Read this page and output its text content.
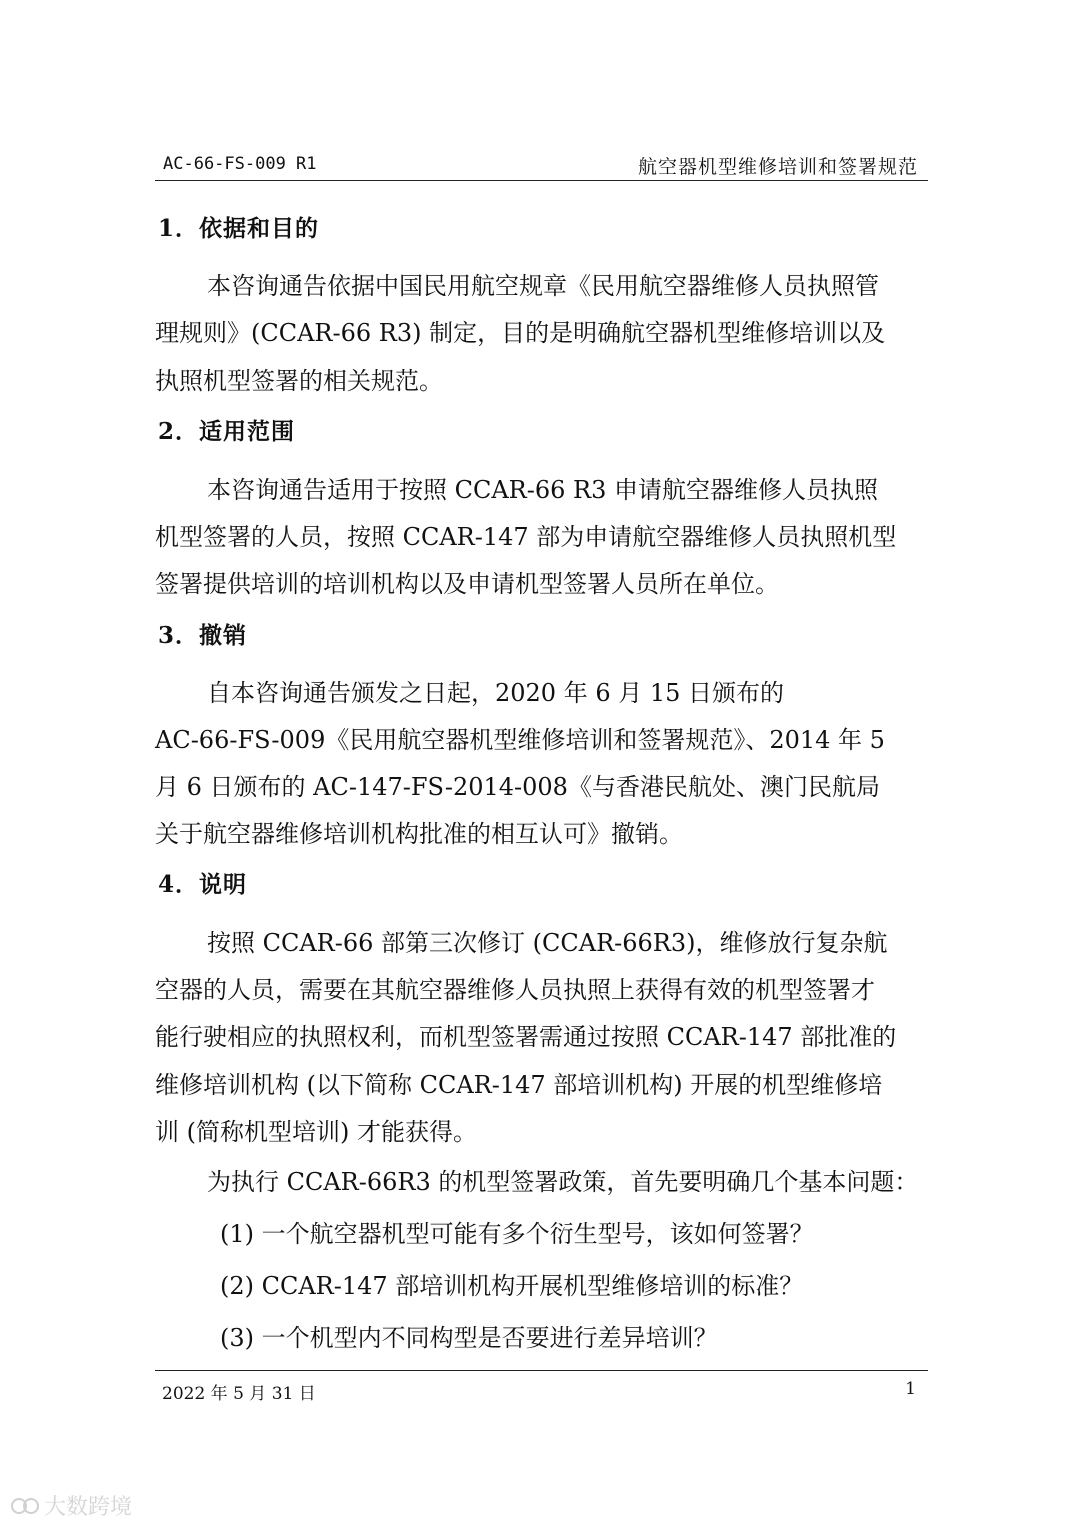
AC-66-FS-009 R1	航空器机型维修培训和签署规范
1．依据和目的
本咨询通告依据中国民用航空规章《民用航空器维修人员执照管
理规则》(CCAR-66 R3) 制定，目的是明确航空器机型维修培训以及
执照机型签署的相关规范。
2．适用范围
本咨询通告适用于按照 CCAR-66 R3 申请航空器维修人员执照
机型签署的人员，按照 CCAR-147 部为申请航空器维修人员执照机型
签署提供培训的培训机构以及申请机型签署人员所在单位。
3．撤销
自本咨询通告颁发之日起，2020 年 6 月 15 日颁布的
AC-66-FS-009《民用航空器机型维修培训和签署规范》、2014 年 5
月 6 日颁布的 AC-147-FS-2014-008《与香港民航处、澳门民航局
关于航空器维修培训机构批准的相互认可》撤销。
4．说明
按照 CCAR-66 部第三次修订 (CCAR-66R3)，维修放行复杂航
空器的人员，需要在其航空器维修人员执照上获得有效的机型签署才
能行驶相应的执照权利，而机型签署需通过按照 CCAR-147 部批准的
维修培训机构 (以下简称 CCAR-147 部培训机构) 开展的机型维修培
训 (简称机型培训) 才能获得。
为执行 CCAR-66R3 的机型签署政策，首先要明确几个基本问题：
(1) 一个航空器机型可能有多个衍生型号，该如何签署？
(2) CCAR-147 部培训机构开展机型维修培训的标准？
(3) 一个机型内不同构型是否要进行差异培训？
2022 年 5 月 31 日	1
大数跨境
